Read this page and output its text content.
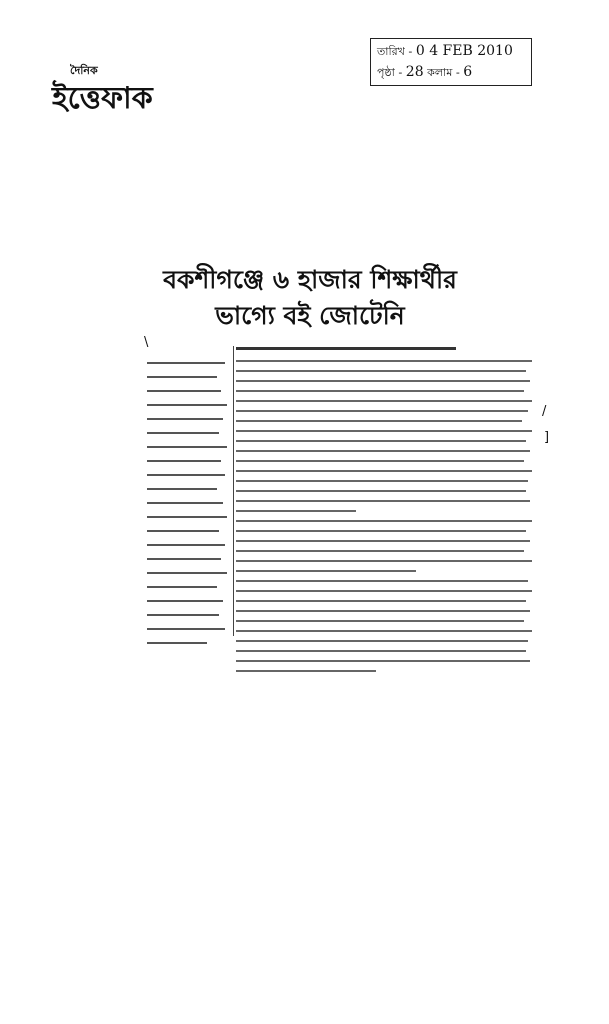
দৈনিক
ইত্তেফাক
তারিখ - 0 4 FEB 2010
পৃষ্ঠা - 28 কলাম - 6
বকশীগঞ্জে ৬ হাজার শিক্ষার্থীর
ভাগ্যে বই জোটেনি
\
/
]
